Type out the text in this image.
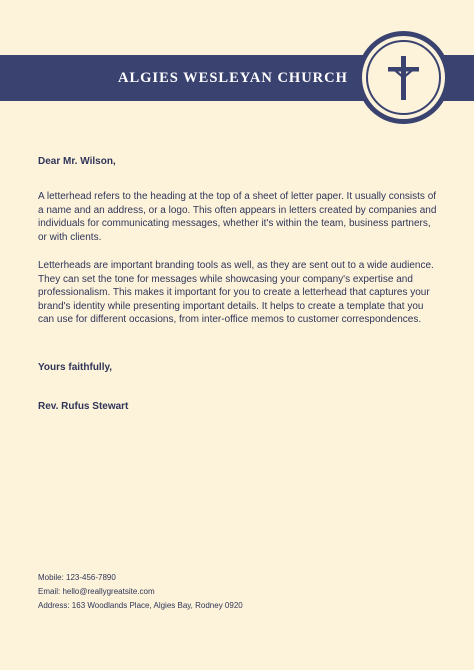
ALGIES WESLEYAN CHURCH
Dear Mr. Wilson,

A letterhead refers to the heading at the top of a sheet of letter paper. It usually consists of a name and an address, or a logo. This often appears in letters created by companies and individuals for communicating messages, whether it's within the team, business partners, or with clients.

Letterheads are important branding tools as well, as they are sent out to a wide audience. They can set the tone for messages while showcasing your company's expertise and professionalism. This makes it important for you to create a letterhead that captures your brand's identity while presenting important details. It helps to create a template that you can use for different occasions, from inter-office memos to customer correspondences.

Yours faithfully,
Rev. Rufus Stewart
Mobile: 123-456-7890
Email: hello@reallygreatsite.com
Address: 163 Woodlands Place, Algies Bay, Rodney 0920
